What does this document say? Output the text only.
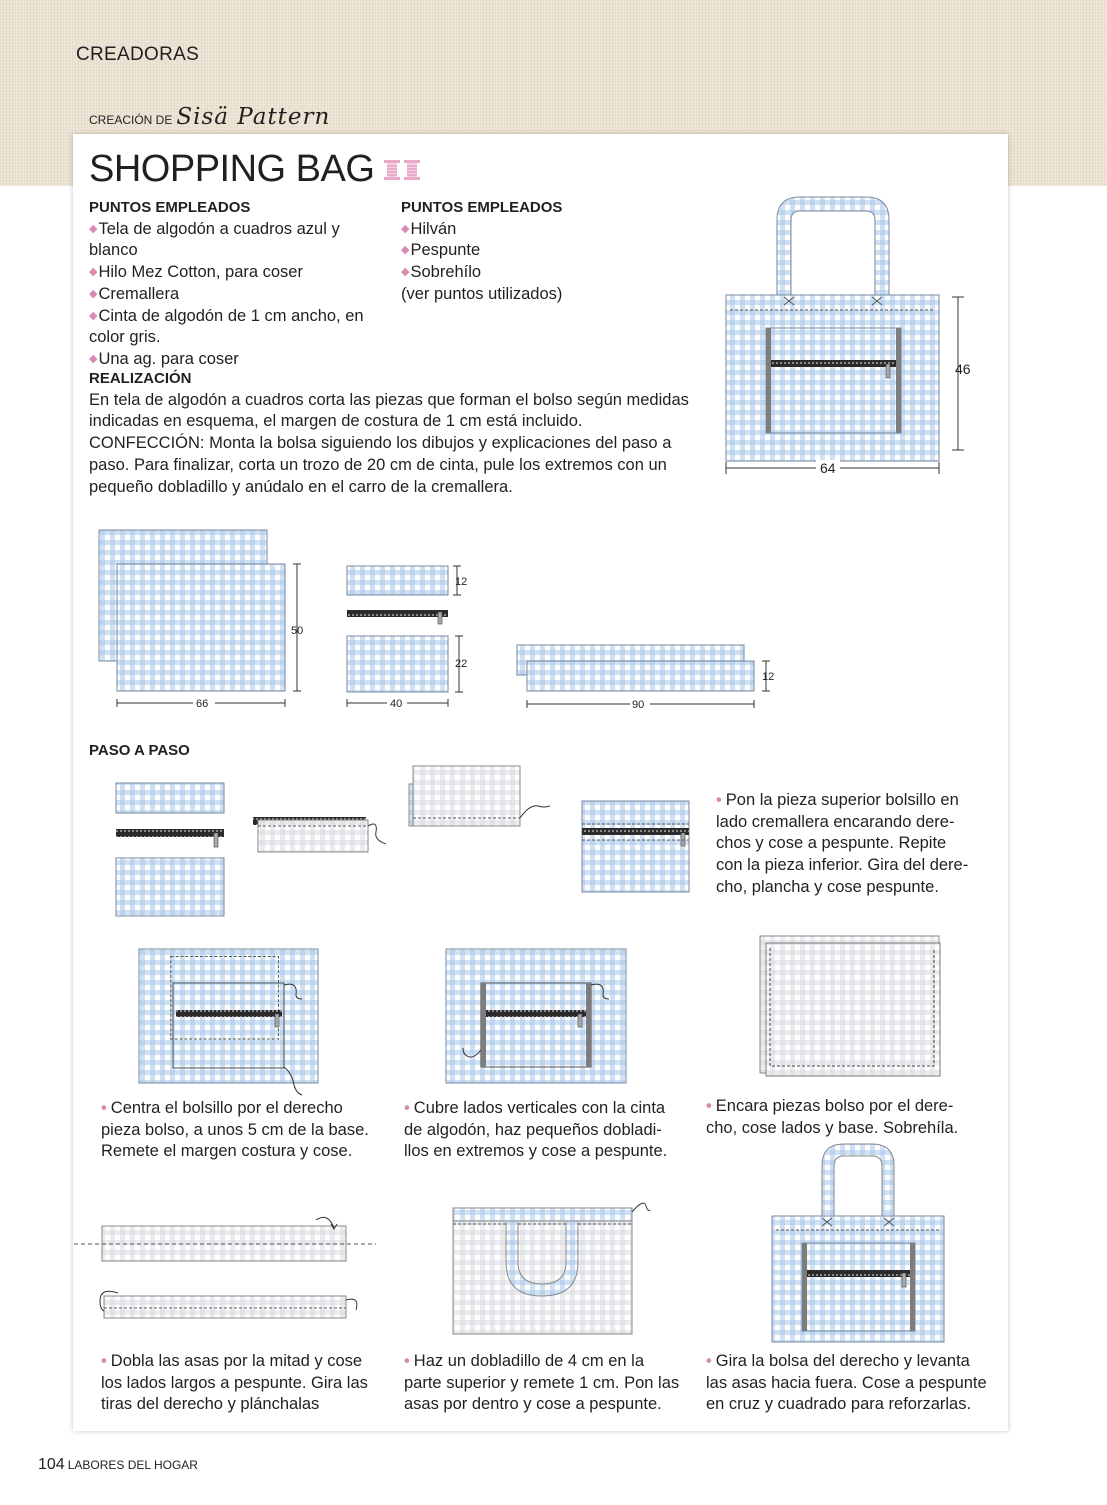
CREADORAS
CREACIÓN DE Sisä Pattern
SHOPPING BAG
PUNTOS EMPLEADOS
◆Tela de algodón a cuadros azul y blanco
◆Hilo Mez Cotton, para coser
◆Cremallera
◆Cinta de algodón de 1 cm ancho, en color gris.
◆Una ag. para coser
PUNTOS EMPLEADOS
◆Hilván
◆Pespunte
◆Sobrehílo
(ver puntos utilizados)
REALIZACIÓN
En tela de algodón a cuadros corta las piezas que forman el bolso según medidas
indicadas en esquema, el margen de costura de 1 cm está incluido.
CONFECCIÓN: Monta la bolsa siguiendo los dibujos y explicaciones del paso a
paso. Para finalizar, corta un trozo de 20 cm de cinta, pule los extremos con un
pequeño dobladillo y anúdalo en el carro de la cremallera.
PASO A PASO
• Pon la pieza superior bolsillo en
lado cremallera encarando dere-
chos y cose a pespunte. Repite
con la pieza inferior. Gira del dere-
cho, plancha y cose pespunte.
• Centra el bolsillo por el derecho
pieza bolso, a unos 5 cm de la base.
Remete el margen costura y cose.
• Cubre lados verticales con la cinta
de algodón, haz pequeños dobladi-
llos en extremos y cose a pespunte.
• Encara piezas bolso por el dere-
cho, cose lados y base. Sobrehíla.
• Dobla las asas por la mitad y cose
los lados largos a pespunte. Gira las
tiras del derecho y plánchalas
• Haz un dobladillo de 4 cm en la
parte superior y remete 1 cm. Pon las
asas por dentro y cose a pespunte.
• Gira la bolsa del derecho y levanta
las asas hacia fuera. Cose a pespunte
en cruz y cuadrado para reforzarlas.
104 LABORES DEL HOGAR
46
64
50
66
12
22
40
12
90
